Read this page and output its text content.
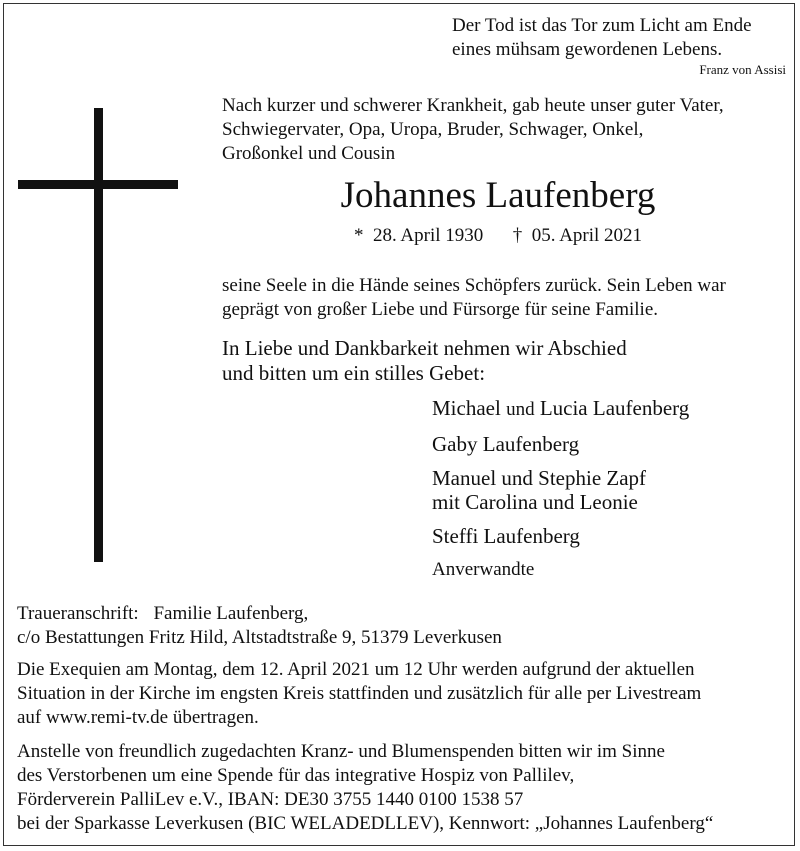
Der Tod ist das Tor zum Licht am Ende
eines mühsam gewordenen Lebens.
Franz von Assisi
Nach kurzer und schwerer Krankheit, gab heute unser guter Vater,
Schwiegervater, Opa, Uropa, Bruder, Schwager, Onkel,
Großonkel und Cousin
Johannes Laufenberg
* 28. April 1930 † 05. April 2021
seine Seele in die Hände seines Schöpfers zurück. Sein Leben war
geprägt von großer Liebe und Fürsorge für seine Familie.
In Liebe und Dankbarkeit nehmen wir Abschied
und bitten um ein stilles Gebet:
Michael und Lucia Laufenberg
Gaby Laufenberg
Manuel und Stephie Zapf
mit Carolina und Leonie
Steffi Laufenberg
Anverwandte
Traueranschrift: Familie Laufenberg,
c/o Bestattungen Fritz Hild, Altstadtstraße 9, 51379 Leverkusen
Die Exequien am Montag, dem 12. April 2021 um 12 Uhr werden aufgrund der aktuellen
Situation in der Kirche im engsten Kreis stattfinden und zusätzlich für alle per Livestream
auf www.remi-tv.de übertragen.
Anstelle von freundlich zugedachten Kranz- und Blumenspenden bitten wir im Sinne
des Verstorbenen um eine Spende für das integrative Hospiz von Pallilev,
Förderverein PalliLev e.V., IBAN: DE30 3755 1440 0100 1538 57
bei der Sparkasse Leverkusen (BIC WELADEDLLEV), Kennwort: „Johannes Laufenberg“
